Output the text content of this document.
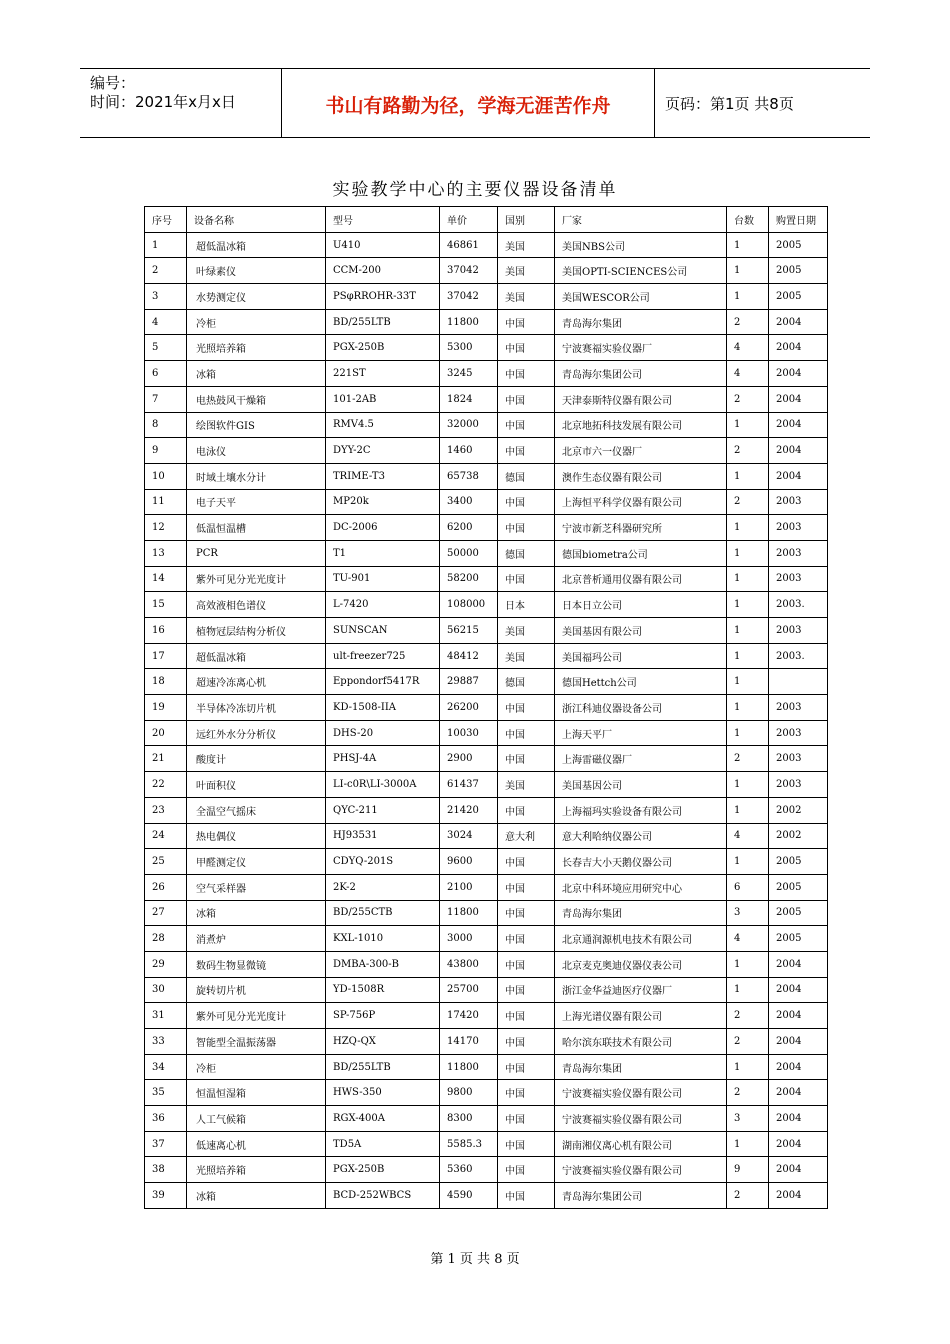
编号：
时间：2021年x月x日	书山有路勤为径，学海无涯苦作舟	页码：第1页 共8页
实验教学中心的主要仪器设备清单
序号	设备名称	型号	单价	国别	厂家	台数	购置日期
1	超低温冰箱	U410	46861	美国	美国NBS公司	1	2005
2	叶绿素仪	CCM-200	37042	美国	美国OPTI-SCIENCES公司	1	2005
3	水势测定仪	PSφRROHR-33T	37042	美国	美国WESCOR公司	1	2005
4	冷柜	BD/255LTB	11800	中国	青岛海尔集团	2	2004
5	光照培养箱	PGX-250B	5300	中国	宁波赛福实验仪器厂	4	2004
6	冰箱	221ST	3245	中国	青岛海尔集团公司	4	2004
7	电热鼓风干燥箱	101-2AB	1824	中国	天津泰斯特仪器有限公司	2	2004
8	绘图软件GIS	RMV4.5	32000	中国	北京地拓科技发展有限公司	1	2004
9	电泳仪	DYY-2C	1460	中国	北京市六一仪器厂	2	2004
10	时域土壤水分计	TRIME-T3	65738	德国	澳作生态仪器有限公司	1	2004
11	电子天平	MP20k	3400	中国	上海恒平科学仪器有限公司	2	2003
12	低温恒温槽	DC-2006	6200	中国	宁波市新芝科器研究所	1	2003
13	PCR	T1	50000	德国	德国biometra公司	1	2003
14	紫外可见分光光度计	TU-901	58200	中国	北京普析通用仪器有限公司	1	2003
15	高效液相色谱仪	L-7420	108000	日本	日本日立公司	1	2003.
16	植物冠层结构分析仪	SUNSCAN	56215	美国	美国基因有限公司	1	2003
17	超低温冰箱	ult-freezer725	48412	美国	美国福玛公司	1	2003.
18	超速冷冻离心机	Eppondorf5417R	29887	德国	德国Hettch公司	1	
19	半导体冷冻切片机	KD-1508-IIA	26200	中国	浙江科迪仪器设备公司	1	2003
20	远红外水分分析仪	DHS-20	10030	中国	上海天平厂	1	2003
21	酸度计	PHSJ-4A	2900	中国	上海雷磁仪器厂	2	2003
22	叶面积仪	LI-c0R\LI-3000A	61437	美国	美国基因公司	1	2003
23	全温空气摇床	QYC-211	21420	中国	上海福玛实验设备有限公司	1	2002
24	热电偶仪	HJ93531	3024	意大利	意大利哈纳仪器公司	4	2002
25	甲醛测定仪	CDYQ-201S	9600	中国	长春吉大小天鹅仪器公司	1	2005
26	空气采样器	2K-2	2100	中国	北京中科环境应用研究中心	6	2005
27	冰箱	BD/255CTB	11800	中国	青岛海尔集团	3	2005
28	消煮炉	KXL-1010	3000	中国	北京通润源机电技术有限公司	4	2005
29	数码生物显微镜	DMBA-300-B	43800	中国	北京麦克奥迪仪器仪表公司	1	2004
30	旋转切片机	YD-1508R	25700	中国	浙江金华益迪医疗仪器厂	1	2004
31	紫外可见分光光度计	SP-756P	17420	中国	上海光谱仪器有限公司	2	2004
33	智能型全温振荡器	HZQ-QX	14170	中国	哈尔滨东联技术有限公司	2	2004
34	冷柜	BD/255LTB	11800	中国	青岛海尔集团	1	2004
35	恒温恒湿箱	HWS-350	9800	中国	宁波赛福实验仪器有限公司	2	2004
36	人工气候箱	RGX-400A	8300	中国	宁波赛福实验仪器有限公司	3	2004
37	低速离心机	TD5A	5585.3	中国	湖南湘仪离心机有限公司	1	2004
38	光照培养箱	PGX-250B	5360	中国	宁波赛福实验仪器有限公司	9	2004
39	冰箱	BCD-252WBCS	4590	中国	青岛海尔集团公司	2	2004
第 1 页 共 8 页
